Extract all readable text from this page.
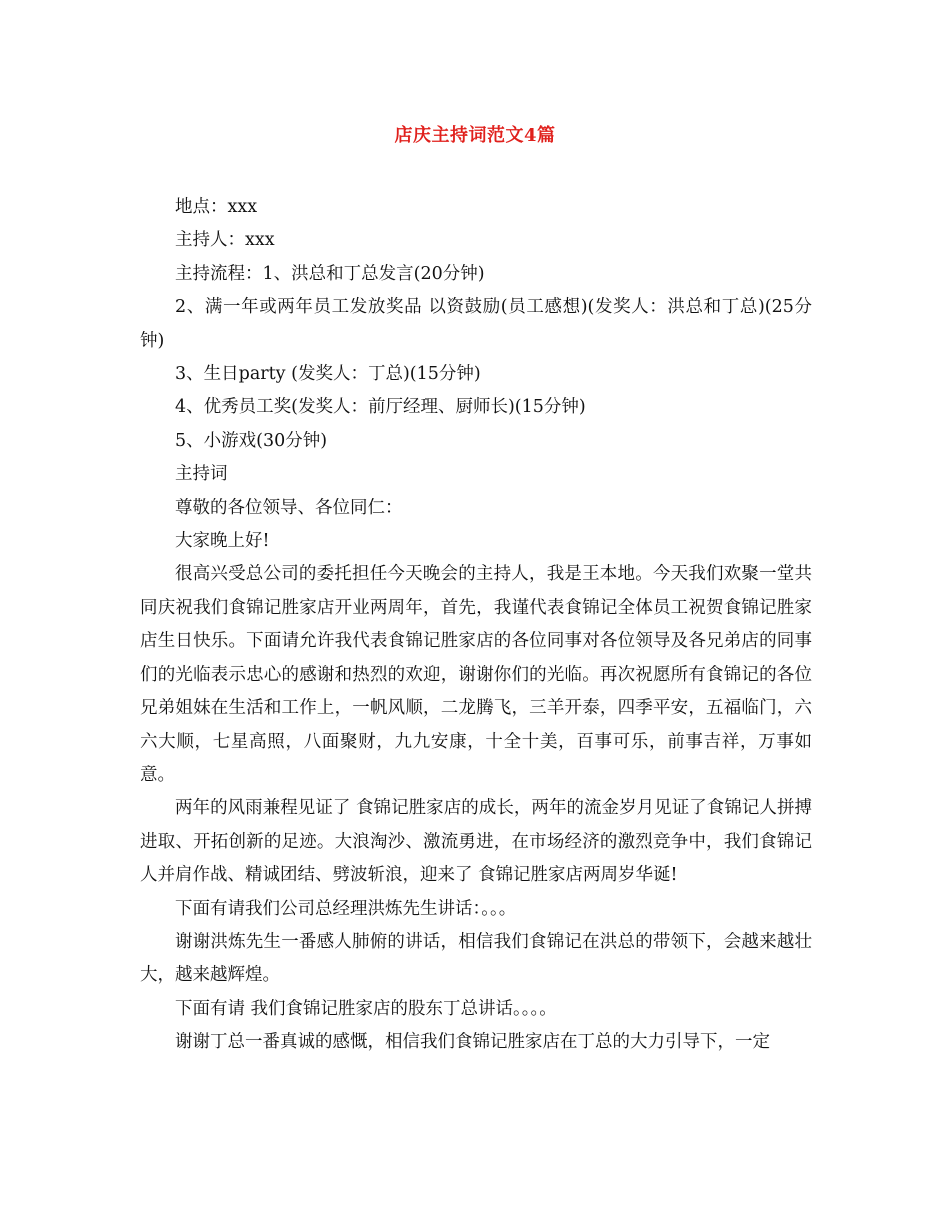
店庆主持词范文4篇

地点：xxx

主持人：xxx

主持流程：1、洪总和丁总发言(20分钟)

2、满一年或两年员工发放奖品 以资鼓励(员工感想)(发奖人：洪总和丁总)(25分钟)

3、生日party (发奖人：丁总)(15分钟)

4、优秀员工奖(发奖人：前厅经理、厨师长)(15分钟)

5、小游戏(30分钟)

主持词

尊敬的各位领导、各位同仁：

大家晚上好!

很高兴受总公司的委托担任今天晚会的主持人，我是王本地。今天我们欢聚一堂共同庆祝我们食锦记胜家店开业两周年，首先，我谨代表食锦记全体员工祝贺食锦记胜家店生日快乐。下面请允许我代表食锦记胜家店的各位同事对各位领导及各兄弟店的同事们的光临表示忠心的感谢和热烈的欢迎，谢谢你们的光临。再次祝愿所有食锦记的各位兄弟姐妹在生活和工作上，一帆风顺，二龙腾飞，三羊开泰，四季平安，五福临门，六六大顺，七星高照，八面聚财，九九安康，十全十美，百事可乐，前事吉祥，万事如意。

两年的风雨兼程见证了 食锦记胜家店的成长，两年的流金岁月见证了食锦记人拼搏进取、开拓创新的足迹。大浪淘沙、激流勇进，在市场经济的激烈竞争中，我们食锦记人并肩作战、精诚团结、劈波斩浪，迎来了 食锦记胜家店两周岁华诞!

下面有请我们公司总经理洪炼先生讲话：。。。

谢谢洪炼先生一番感人肺俯的讲话，相信我们食锦记在洪总的带领下，会越来越壮大，越来越辉煌。

下面有请 我们食锦记胜家店的股东丁总讲话。。。。

谢谢丁总一番真诚的感慨，相信我们食锦记胜家店在丁总的大力引导下，一定
